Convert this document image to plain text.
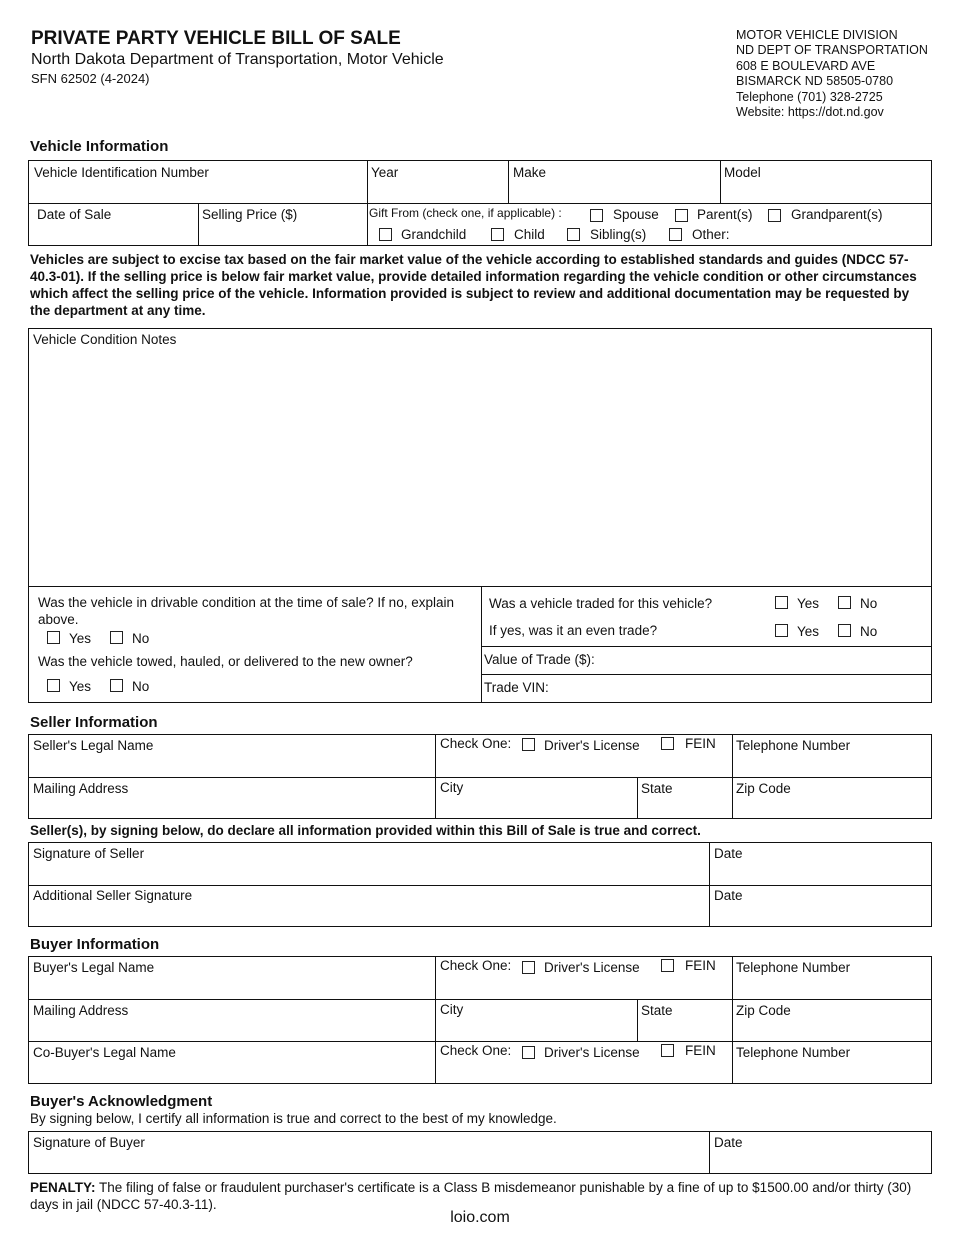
PRIVATE PARTY VEHICLE BILL OF SALE
North Dakota Department of Transportation, Motor Vehicle
SFN 62502 (4-2024)
MOTOR VEHICLE DIVISION
ND DEPT OF TRANSPORTATION
608 E BOULEVARD AVE
BISMARCK ND 58505-0780
Telephone (701) 328-2725
Website: https://dot.nd.gov
Vehicle Information
Vehicle Identification Number	Year	Make	Model
Date of Sale	Selling Price ($)	Gift From (check one, if applicable) :	Spouse	Parent(s)	Grandparent(s)
Grandchild	Child	Sibling(s)	Other:
Vehicles are subject to excise tax based on the fair market value of the vehicle according to established standards and guides (NDCC 57-40.3-01). If the selling price is below fair market value, provide detailed information regarding the vehicle condition or other circumstances which affect the selling price of the vehicle. Information provided is subject to review and additional documentation may be requested by the department at any time.
Vehicle Condition Notes
Was the vehicle in drivable condition at the time of sale? If no, explain above.
Yes	No
Was the vehicle towed, hauled, or delivered to the new owner?
Yes	No
Was a vehicle traded for this vehicle?	Yes	No
If yes, was it an even trade?	Yes	No
Value of Trade ($):
Trade VIN:
Seller Information
Seller's Legal Name	Check One: Driver's License	FEIN Telephone Number
Mailing Address	City	State	Zip Code
Seller(s), by signing below, do declare all information provided within this Bill of Sale is true and correct.
Signature of Seller	Date
Additional Seller Signature	Date
Buyer Information
Buyer's Legal Name	Check One: Driver's License	FEIN Telephone Number
Mailing Address	City	State	Zip Code
Co-Buyer's Legal Name	Check One: Driver's License	FEIN Telephone Number
Buyer's Acknowledgment
By signing below, I certify all information is true and correct to the best of my knowledge.
Signature of Buyer	Date
PENALTY: The filing of false or fraudulent purchaser's certificate is a Class B misdemeanor punishable by a fine of up to $1500.00 and/or thirty (30) days in jail (NDCC 57-40.3-11).
loio.com
